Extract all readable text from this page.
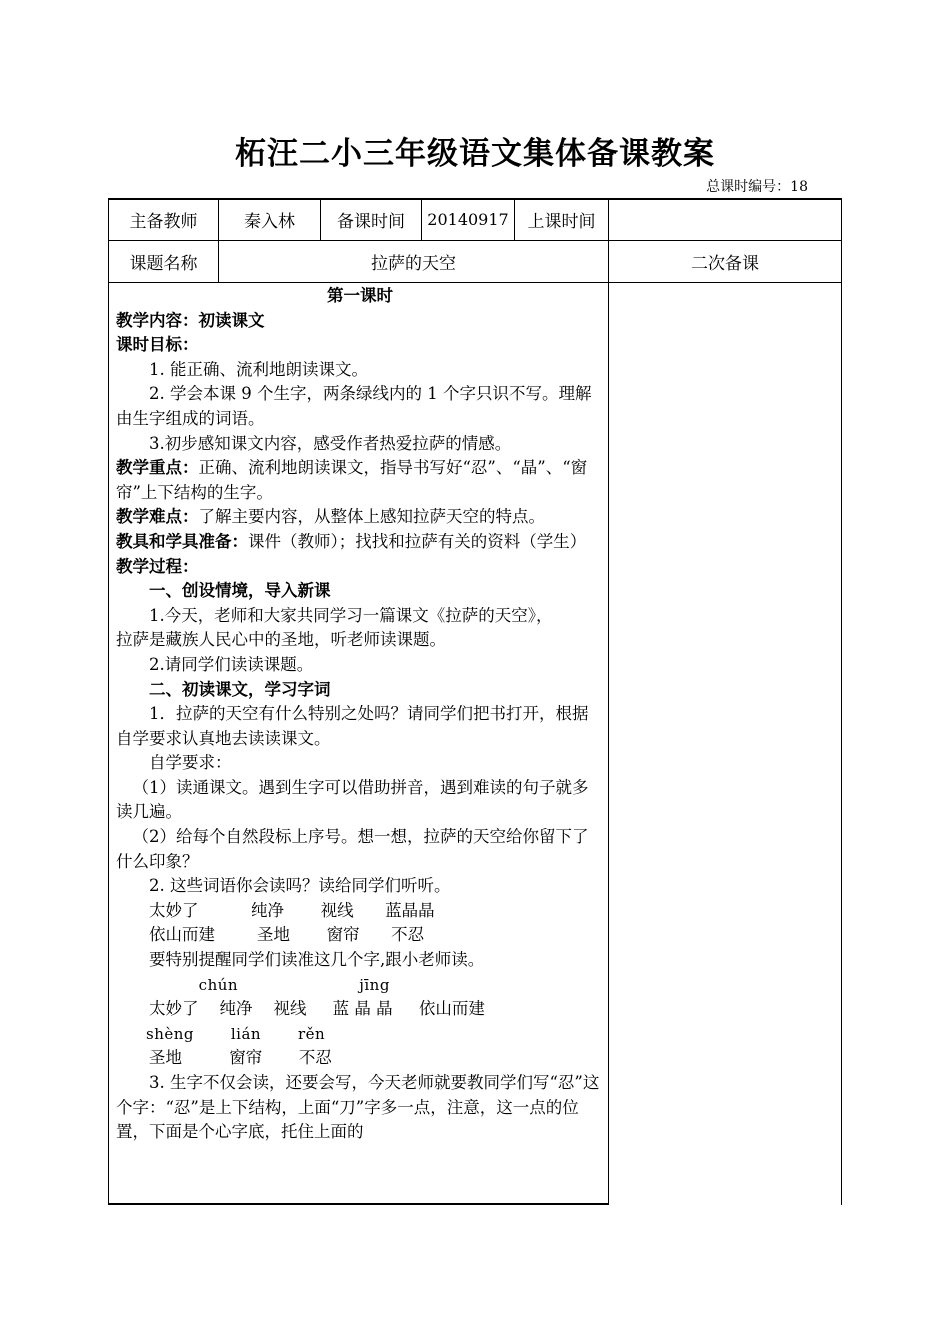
柘汪二小三年级语文集体备课教案
总课时编号：18
主备教师	秦入林	备课时间	20140917	上课时间
课题名称	拉萨的天空	二次备课

第一课时

教学内容：初读课文

课时目标：

1. 能正确、流利地朗读课文。

2. 学会本课 9 个生字，两条绿线内的 1 个字只识不写。理解由生字组成的词语。

3.初步感知课文内容，感受作者热爱拉萨的情感。

教学重点：正确、流利地朗读课文，指导书写好“忍”、“晶”、“窗帘”上下结构的生字。

教学难点：了解主要内容，从整体上感知拉萨天空的特点。

教具和学具准备：课件（教师）；找找和拉萨有关的资料（学生）

教学过程：

一、创设情境，导入新课

1.今天，老师和大家共同学习一篇课文《拉萨的天空》，

拉萨是藏族人民心中的圣地，听老师读课题。

2.请同学们读读课题。

二、初读课文，学习字词

1．拉萨的天空有什么特别之处吗？请同学们把书打开，根据自学要求认真地去读读课文。

自学要求：

（1）读通课文。遇到生字可以借助拼音，遇到难读的句子就多读几遍。

（2）给每个自然段标上序号。想一想，拉萨的天空给你留下了什么印象？

2. 这些词语你会读吗？读给同学们听听。

太妙了          纯净       视线      蓝晶晶

依山而建        圣地       窗帘      不忍

要特别提醒同学们读准这几个字,跟小老师读。

chún                       jīng

太妙了    纯净    视线     蓝 晶 晶     依山而建

shèng       lián       rěn

圣地         窗帘       不忍

3. 生字不仅会读，还要会写，今天老师就要教同学们写“忍”这个字：“忍”是上下结构，上面“刀”字多一点，注意，这一点的位置，下面是个心字底，托住上面的
